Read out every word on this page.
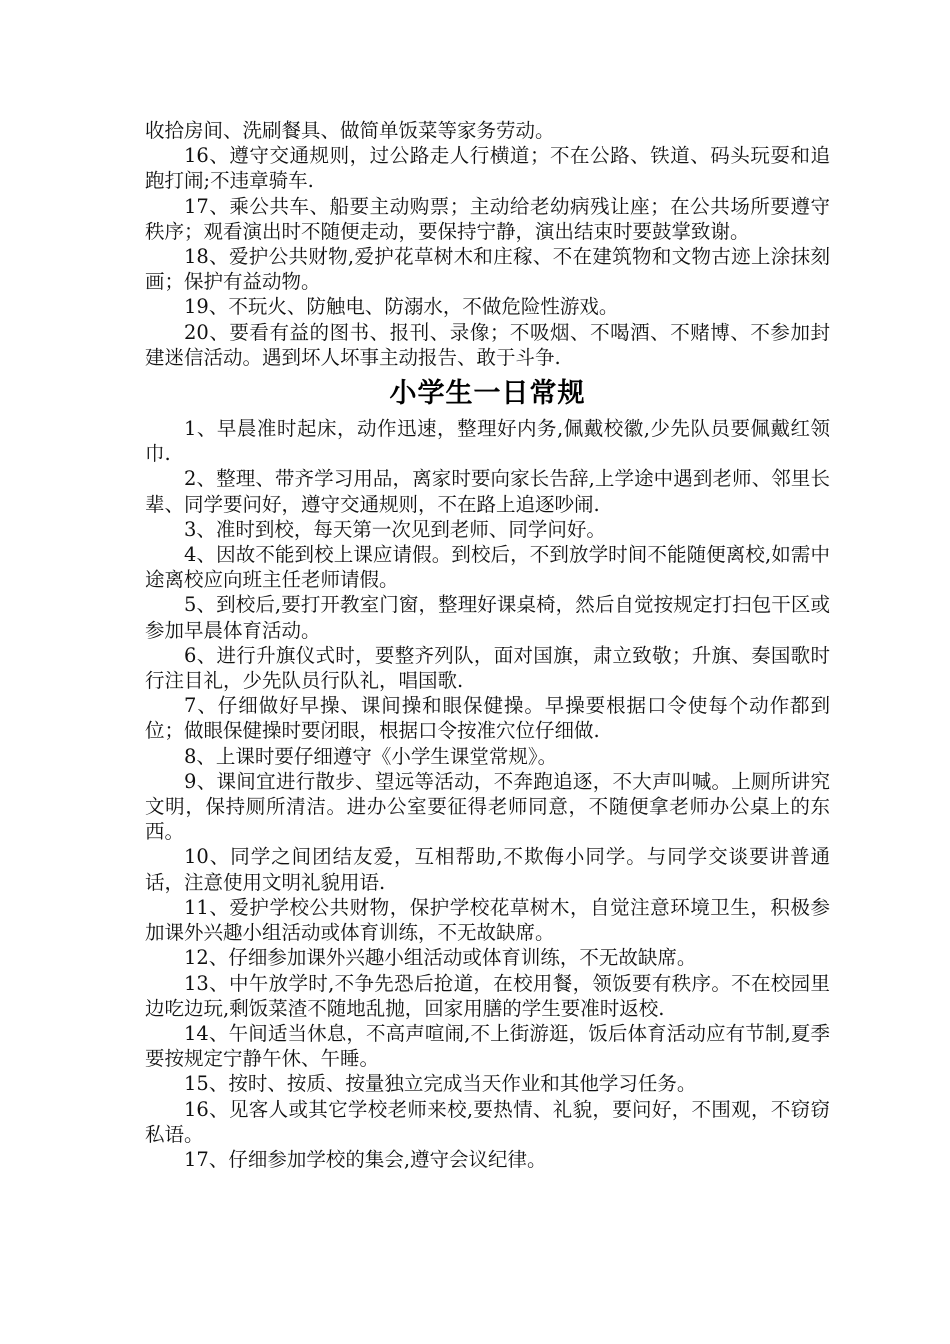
收拾房间、洗刷餐具、做简单饭菜等家务劳动。

16、遵守交通规则，过公路走人行横道；不在公路、铁道、码头玩耍和追跑打闹;不违章骑车.

17、乘公共车、船要主动购票；主动给老幼病残让座；在公共场所要遵守秩序；观看演出时不随便走动，要保持宁静，演出结束时要鼓掌致谢。

18、爱护公共财物,爱护花草树木和庄稼、不在建筑物和文物古迹上涂抹刻画；保护有益动物。

19、不玩火、防触电、防溺水，不做危险性游戏。

20、要看有益的图书、报刊、录像；不吸烟、不喝酒、不赌博、不参加封建迷信活动。遇到坏人坏事主动报告、敢于斗争.

小学生一日常规

1、早晨准时起床，动作迅速，整理好内务,佩戴校徽,少先队员要佩戴红领巾.

2、整理、带齐学习用品，离家时要向家长告辞,上学途中遇到老师、邻里长辈、同学要问好，遵守交通规则，不在路上追逐吵闹.

3、准时到校，每天第一次见到老师、同学问好。

4、因故不能到校上课应请假。到校后，不到放学时间不能随便离校,如需中途离校应向班主任老师请假。

5、到校后,要打开教室门窗，整理好课桌椅，然后自觉按规定打扫包干区或参加早晨体育活动。

6、进行升旗仪式时，要整齐列队，面对国旗，肃立致敬；升旗、奏国歌时行注目礼，少先队员行队礼，唱国歌.

7、仔细做好早操、课间操和眼保健操。早操要根据口令使每个动作都到位；做眼保健操时要闭眼，根据口令按准穴位仔细做.

8、上课时要仔细遵守《小学生课堂常规》。

9、课间宜进行散步、望远等活动，不奔跑追逐，不大声叫喊。上厕所讲究文明，保持厕所清洁。进办公室要征得老师同意，不随便拿老师办公桌上的东西。

10、同学之间团结友爱，互相帮助,不欺侮小同学。与同学交谈要讲普通话，注意使用文明礼貌用语.

11、爱护学校公共财物，保护学校花草树木，自觉注意环境卫生，积极参加课外兴趣小组活动或体育训练，不无故缺席。

12、仔细参加课外兴趣小组活动或体育训练，不无故缺席。

13、中午放学时,不争先恐后抢道，在校用餐，领饭要有秩序。不在校园里边吃边玩,剩饭菜渣不随地乱抛，回家用膳的学生要准时返校.

14、午间适当休息，不高声喧闹,不上街游逛，饭后体育活动应有节制,夏季要按规定宁静午休、午睡。

15、按时、按质、按量独立完成当天作业和其他学习任务。

16、见客人或其它学校老师来校,要热情、礼貌，要问好，不围观，不窃窃私语。

17、仔细参加学校的集会,遵守会议纪律。
